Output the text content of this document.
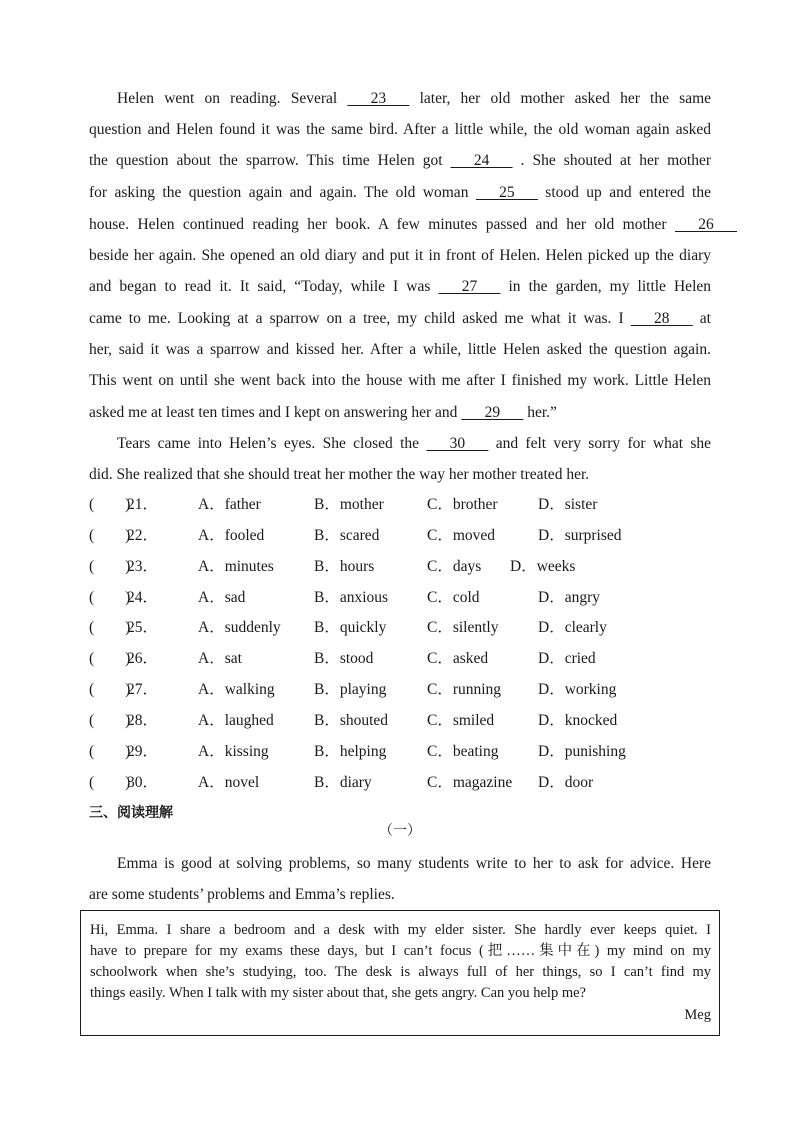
Helen went on reading. Several       23       later, her old mother asked her the same
question and Helen found it was the same bird. After a little while, the old woman again asked
the question about the sparrow. This time Helen got       24       . She shouted at her mother
for asking the question again and again. The old woman       25       stood up and entered the
house. Helen continued reading her book. A few minutes passed and her old mother       26
beside her again. She opened an old diary and put it in front of Helen. Helen picked up the diary
and began to read it. It said, “Today, while I was       27       in the garden, my little Helen
came to me. Looking at a sparrow on a tree, my child asked me what it was. I       28       at
her, said it was a sparrow and kissed her. After a while, little Helen asked the question again.
This went on until she went back into the house with me after I finished my work. Little Helen
asked me at least ten times and I kept on answering her and       29       her.”
Tears came into Helen’s eyes. She closed the       30       and felt very sorry for what she
did. She realized that she should treat her mother the way her mother treated her.
(　　)
21．	A．father	B．mother	C．brother	D．sister
(　　)
22．	A．fooled	B．scared	C．moved	D．surprised
(　　)
23．	A．minutes	B．hours	C．days D．weeks
(　　)
24．	A．sad	B．anxious	C．cold	D．angry
(　　)
25．	A．suddenly B．quickly	C．silently	D．clearly
(　　)
26．	A．sat	B．stood	C．asked	D．cried
(　　)
27．	A．walking	B．playing	C．running D．working
(　　)
28．	A．laughed	B．shouted	C．smiled	D．knocked
(　　)
29．	A．kissing	B．helping	C．beating	D．punishing
(　　)
30．	A．novel	B．diary	C．magazine D．door
三、阅读理解
（一）
Emma is good at solving problems, so many students write to her to ask for advice. Here
are some students’ problems and Emma’s replies.
Hi, Emma. I share a bedroom and a desk with my elder sister. She hardly ever keeps quiet. I
have to prepare for my exams these days, but I can’t focus (把……集中在) my mind on my
schoolwork when she’s studying, too. The desk is always full of her things, so I can’t find my
things easily. When I talk with my sister about that, she gets angry. Can you help me?
Meg
